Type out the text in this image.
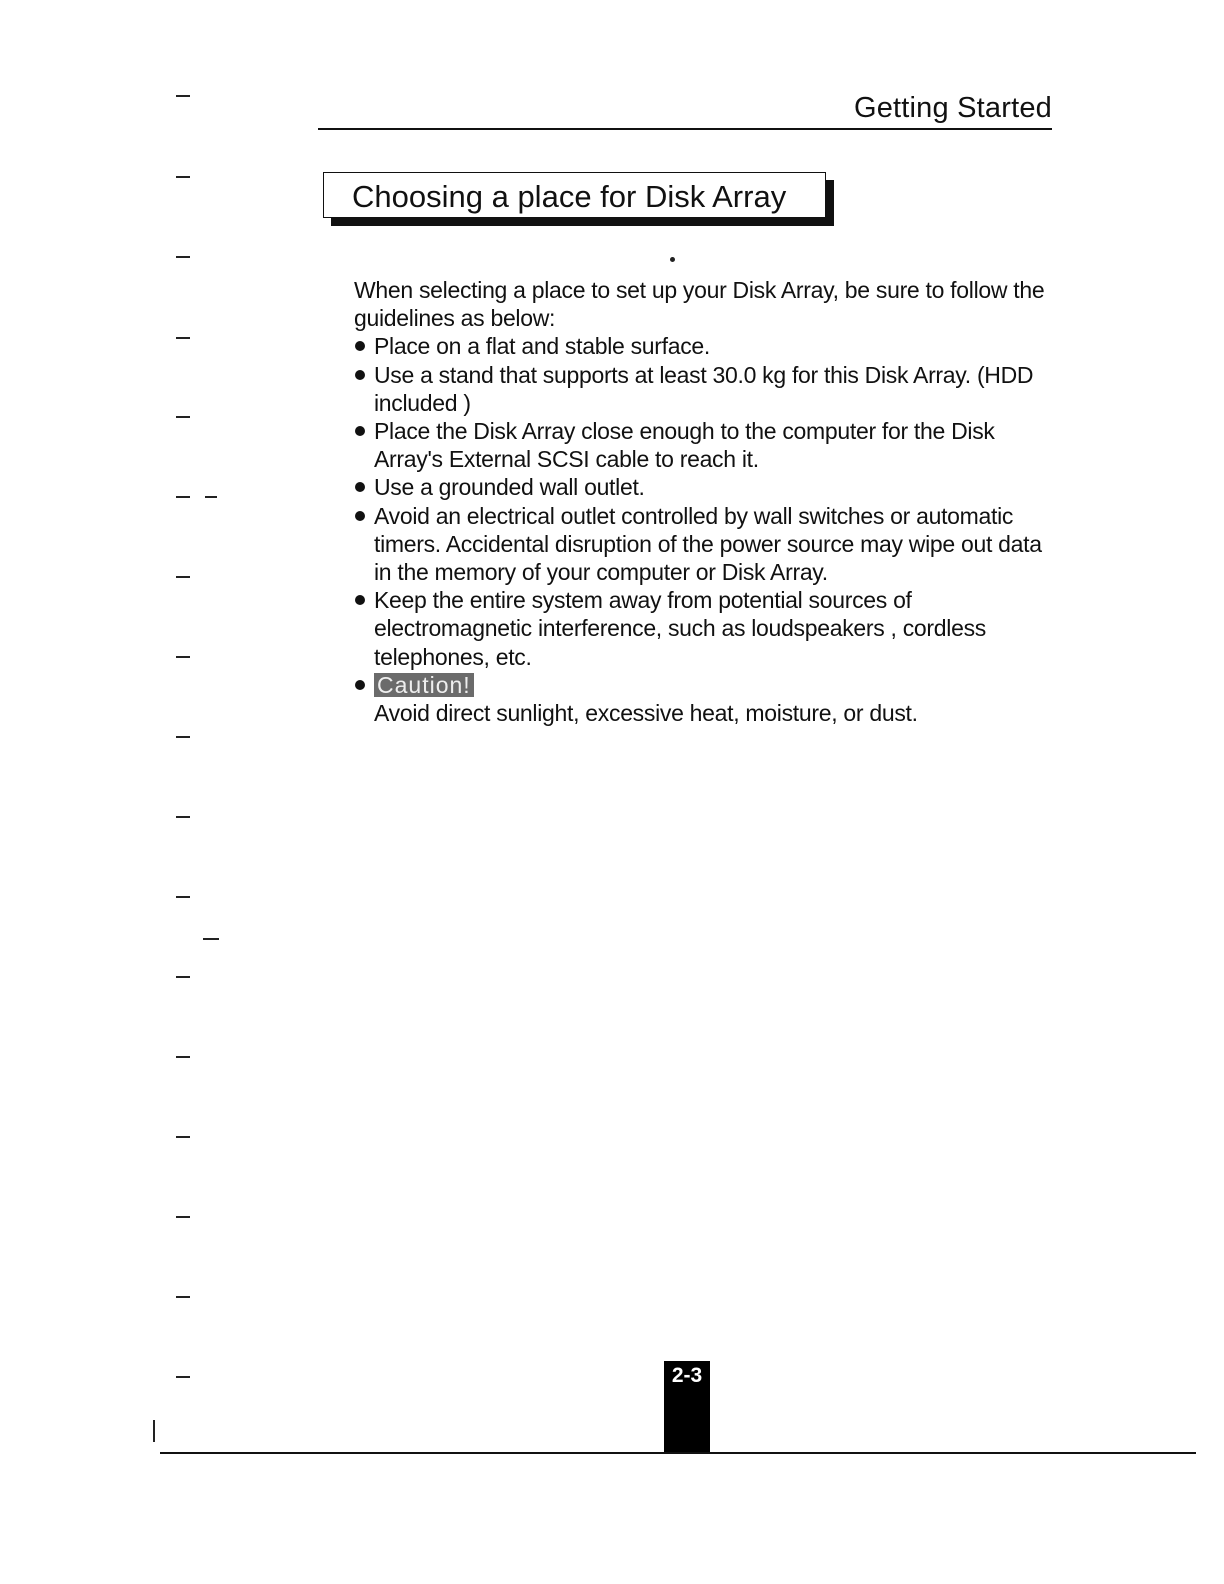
Getting Started
Choosing a place for Disk Array

When selecting a place to set up your Disk Array, be sure to follow the guidelines as below:

Place on a flat and stable surface.
Use a stand that supports at least 30.0 kg for this Disk Array. (HDD included )
Place the Disk Array close enough to the computer for the Disk Array's External SCSI cable to reach it.
Use a grounded wall outlet.
Avoid an electrical outlet controlled by wall switches or automatic timers. Accidental disruption of the power source may wipe out data in the memory of your computer or Disk Array.
Keep the entire system away from potential sources of electromagnetic interference, such as loudspeakers , cordless telephones, etc.
Caution!
Avoid direct sunlight, excessive heat, moisture, or dust.
2-3
